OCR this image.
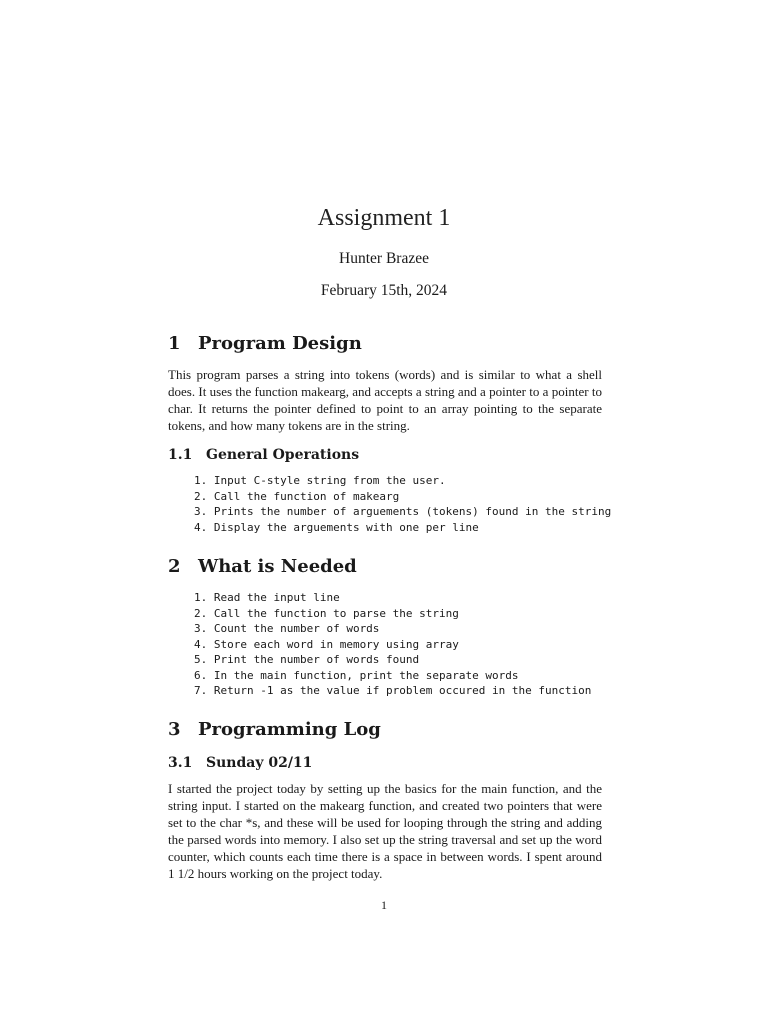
Assignment 1
Hunter Brazee
February 15th, 2024
1 Program Design
This program parses a string into tokens (words) and is similar to what a shell does. It uses the function makearg, and accepts a string and a pointer to a pointer to char. It returns the pointer defined to point to an array pointing to the separate tokens, and how many tokens are in the string.
1.1 General Operations
1. Input C-style string from the user.
2. Call the function of makearg
3. Prints the number of arguements (tokens) found in the string
4. Display the arguements with one per line
2 What is Needed
1. Read the input line
2. Call the function to parse the string
3. Count the number of words
4. Store each word in memory using array
5. Print the number of words found
6. In the main function, print the separate words
7. Return -1 as the value if problem occured in the function
3 Programming Log
3.1 Sunday 02/11
I started the project today by setting up the basics for the main function, and the string input. I started on the makearg function, and created two pointers that were set to the char *s, and these will be used for looping through the string and adding the parsed words into memory. I also set up the string traversal and set up the word counter, which counts each time there is a space in between words. I spent around 1 1/2 hours working on the project today.
1
